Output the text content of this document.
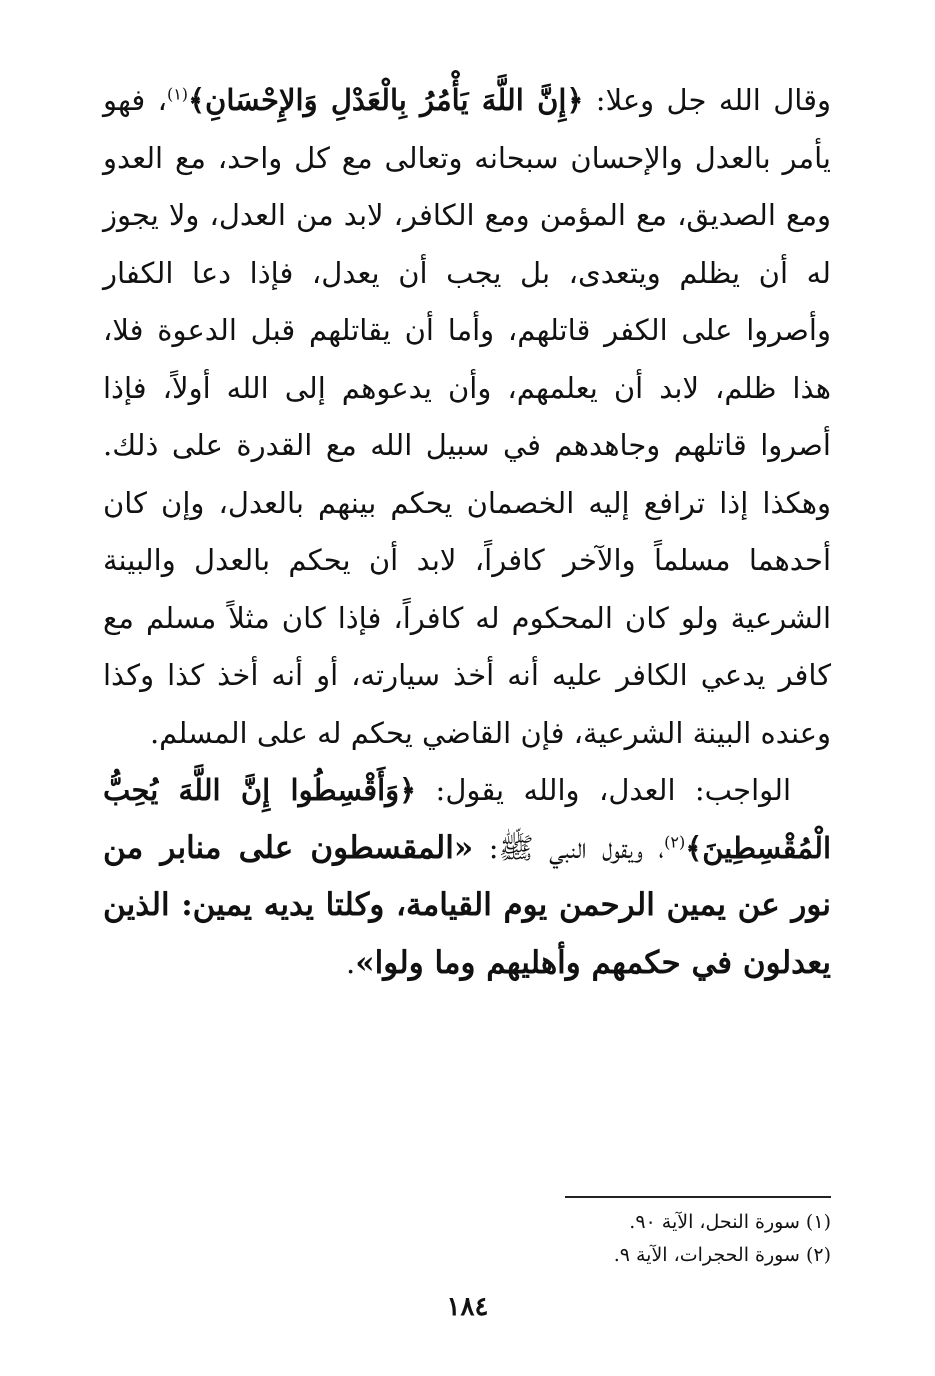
وقال الله جل وعلا: ﴿إِنَّ اللَّهَ يَأْمُرُ بِالْعَدْلِ وَالإِحْسَانِ﴾$^{(١)}$، فهو يأمر بالعدل والإحسان سبحانه وتعالى مع كل واحد، مع العدو ومع الصديق، مع المؤمن ومع الكافر، لابد من العدل، ولا يجوز له أن يظلم ويتعدى، بل يجب أن يعدل، فإذا دعا الكفار وأصروا على الكفر قاتلهم، وأما أن يقاتلهم قبل الدعوة فلا، هذا ظلم، لابد أن يعلمهم، وأن يدعوهم إلى الله أولاً، فإذا أصروا قاتلهم وجاهدهم في سبيل الله مع القدرة على ذلك. وهكذا إذا ترافع إليه الخصمان يحكم بينهم بالعدل، وإن كان أحدهما مسلماً والآخر كافراً، لابد أن يحكم بالعدل والبينة الشرعية ولو كان المحكوم له كافراً، فإذا كان مثلاً مسلم مع كافر يدعي الكافر عليه أنه أخذ سيارته، أو أنه أخذ كذا وكذا وعنده البينة الشرعية، فإن القاضي يحكم له على المسلم.

الواجب: العدل، والله يقول: ﴿وَأَقْسِطُوا إِنَّ اللَّهَ يُحِبُّ الْمُقْسِطِينَ﴾$^{(٢)}$، ويقول النبي ﷺ: «المقسطون على منابر من نور عن يمين الرحمن يوم القيامة، وكلتا يديه يمين: الذين يعدلون في حكمهم وأهليهم وما ولوا».

(١) سورة النحل، الآية ٩٠.

(٢) سورة الحجرات، الآية ٩.

١٨٤
